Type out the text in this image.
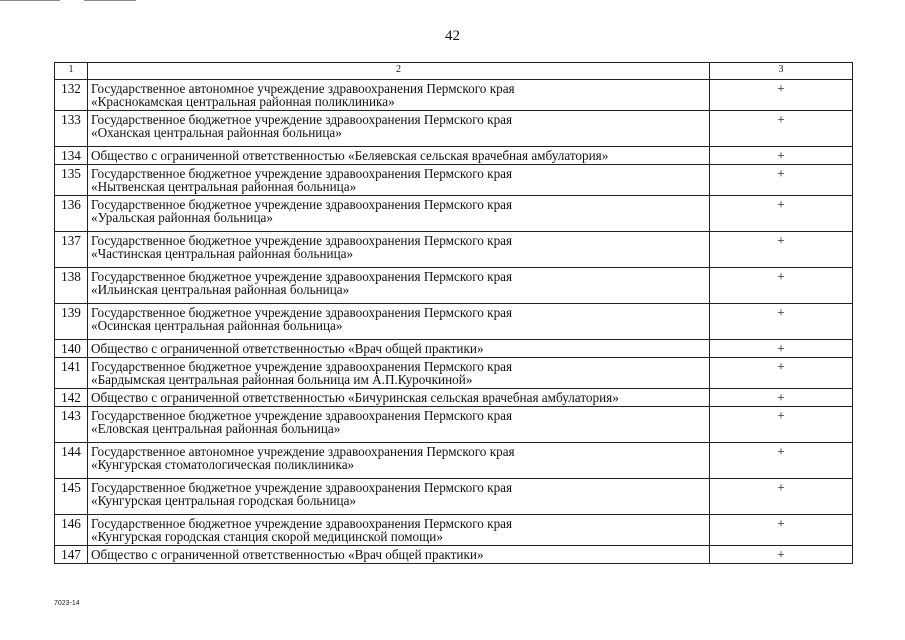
42
1	2	3
132	Государственное автономное учреждение здравоохранения Пермского края
«Краснокамская центральная районная поликлиника»	+
133	Государственное бюджетное учреждение здравоохранения Пермского края
«Оханская центральная районная больница»	+
134	Общество с ограниченной ответственностью «Беляевская сельская врачебная амбулатория»	+
135	Государственное бюджетное учреждение здравоохранения Пермского края
«Нытвенская центральная районная больница»	+
136	Государственное бюджетное учреждение здравоохранения Пермского края
«Уральская районная больница»	+
137	Государственное бюджетное учреждение здравоохранения Пермского края
«Частинская центральная районная больница»	+
138	Государственное бюджетное учреждение здравоохранения Пермского края
«Ильинская центральная районная больница»	+
139	Государственное бюджетное учреждение здравоохранения Пермского края
«Осинская центральная районная больница»	+
140	Общество с ограниченной ответственностью «Врач общей практики»	+
141	Государственное бюджетное учреждение здравоохранения Пермского края
«Бардымская центральная районная больница им А.П.Курочкиной»	+
142	Общество с ограниченной ответственностью «Бичуринская сельская врачебная амбулатория»	+
143	Государственное бюджетное учреждение здравоохранения Пермского края
«Еловская центральная районная больница»	+
144	Государственное автономное учреждение здравоохранения Пермского края
«Кунгурская стоматологическая поликлиника»	+
145	Государственное бюджетное учреждение здравоохранения Пермского края
«Кунгурская центральная городская больница»	+
146	Государственное бюджетное учреждение здравоохранения Пермского края
«Кунгурская городская станция скорой медицинской помощи»	+
147	Общество с ограниченной ответственностью «Врач общей практики»	+
7023-14
